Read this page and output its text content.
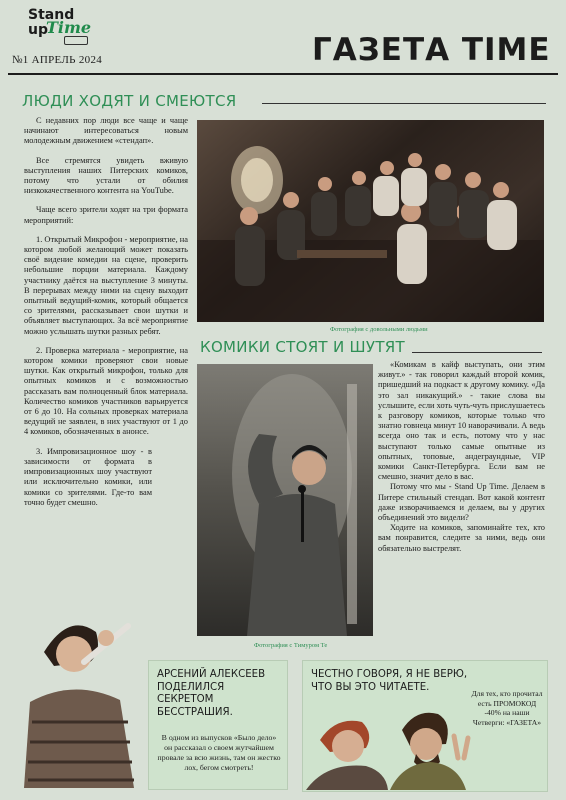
Stand
up
Time
№1 АПРЕЛЬ 2024	ГАЗЕТА TIME
ЛЮДИ ХОДЯТ И СМЕЮТСЯ

С недавних пор люди все чаще и чаще начинают интересоваться новым молодежным движением «стендап».

Все стремятся увидеть вживую выступления наших Питерских комиков, потому что устали от обилия низкокачественного контента на YouTube.

Чаще всего зрители ходят на три формата мероприятий:

1. Открытый Микрофон - мероприятие, на котором любой желающий может показать своё видение комедии на сцене, проверить небольшие порции материала. Каждому участнику даётся на выступление 3 минуты. В перерывах между ними на сцену выходит опытный ведущий-комик, который общается со зрителями, рассказывает свои шутки и объявляет выступающих. За всё мероприятие можно услышать шутки разных ребят.

2. Проверка материала - мероприятие, на котором комики проверяют свои новые шутки. Как открытый микрофон, только для опытных комиков и с возможностью рассказать вам полноценный блок материала. Количество комиков участников варьируется от 6 до 10. На сольных проверках материала ведущий не заявлен, в них участвуют от 1 до 4 комиков, обозначенных в анонсе.

3. Импровизационное шоу - в зависимости от формата в импровизационных шоу участвуют или исключительно комики, или комики со зрителями. Где-то вам точно будет смешно.

Фотография с довольными людьми
КОМИКИ СТОЯТ И ШУТЯТ
Фотография с Тимуром Те

«Комикам в кайф выступать, они этим живут.» - так говорил каждый второй комик, пришедший на подкаст к другому комику. «Да это зал никакущий.» - такие слова вы услышите, если хоть чуть-чуть прислушаетесь к разговору комиков, которые только что знатно говнеца минут 10 наворачивали. А ведь всегда оно так и есть, потому что у нас выступают только самые опытные из опытных, топовые, андеграундные, VIP комики Санкт-Петербурга. Если вам не смешно, значит дело в вас.

Потому что мы - Stand Up Time. Делаем в Питере стильный стендап. Вот какой контент даже изворачиваемся и делаем, вы у других объединений это видели?

Ходите на комиков, запоминайте тех, кто вам понравится, следите за ними, ведь они обязательно выстрелят.

АРСЕНИЙ АЛЕКСЕЕВ ПОДЕЛИЛСЯ СЕКРЕТОМ БЕССТРАШИЯ.
В одном из выпусков «Было дело» он рассказал о своем жутчайшем провале за всю жизнь, там он жестко лох, бегом смотреть!
ЧЕСТНО ГОВОРЯ, Я НЕ ВЕРЮ, ЧТО ВЫ ЭТО ЧИТАЕТЕ.
Для тех, кто прочитал есть ПРОМОКОД -40% на наши Четверги: «ГАЗЕТА»
